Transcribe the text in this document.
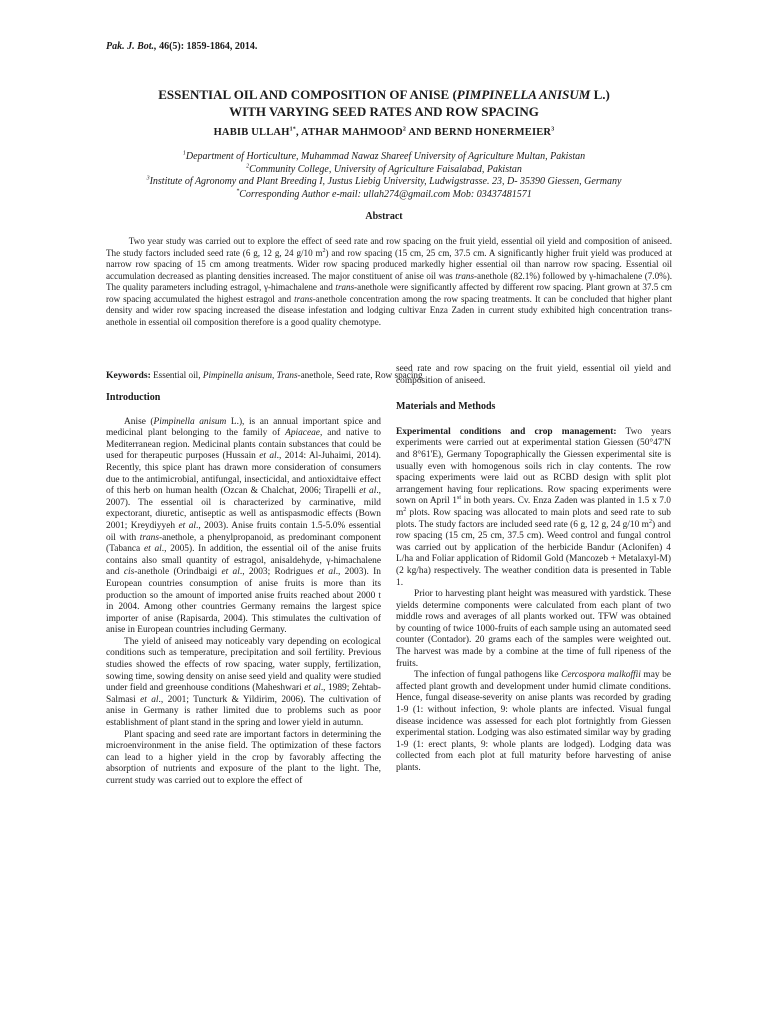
Pak. J. Bot., 46(5): 1859-1864, 2014.
ESSENTIAL OIL AND COMPOSITION OF ANISE (PIMPINELLA ANISUM L.)
WITH VARYING SEED RATES AND ROW SPACING
HABIB $ULLAH^{1*}$, ATHAR MAHMOOD$^2$ AND BERND HONERMEIER$^3$
$^1$Department of Horticulture, Muhammad Nawaz Shareef University of Agriculture Multan, Pakistan
$^2$Community College, University of Agriculture Faisalabad, Pakistan
$^3$Institute of Agronomy and Plant Breeding I, Justus Liebig University, Ludwigstrasse. 23, D- 35390 Giessen, Germany
*Corresponding Author e-mail: ullah274@gmail.com Mob: 03437481571
Abstract
   Two year study was carried out to explore the effect of seed rate and row spacing on the fruit yield, essential oil yield and composition of aniseed. The study factors included seed rate (6 g, 12 g, 24 g/10 $m^2$) and row spacing (15 cm, 25 cm, 37.5 cm. A significantly higher fruit yield was produced at narrow row spacing of 15 cm among treatments. Wider row spacing produced markedly higher essential oil than narrow row spacing. Essential oil accumulation decreased as planting densities increased. The major constituent of anise oil was trans-anethole (82.1%) followed by γ-himachalene (7.0%). The quality parameters including estragol, γ-himachalene and trans-anethole were significantly affected by different row spacing. Plant grown at 37.5 cm row spacing accumulated the highest estragol and trans-anethole concentration among the row spacing treatments. It can be concluded that higher plant density and wider row spacing increased the disease infestation and lodging cultivar Enza Zaden in current study exhibited high concentration trans-anethole in essential oil composition therefore is a good quality chemotype.
Keywords: Essential oil, Pimpinella anisum, Trans-anethole, Seed rate, Row spacing
Introduction

Anise (Pimpinella anisum L.), is an annual important spice and medicinal plant belonging to the family of Apiaceae, and native to Mediterranean region. Medicinal plants contain substances that could be used for therapeutic purposes (Hussain et al., 2014: Al-Juhaimi, 2014). Recently, this spice plant has drawn more consideration of consumers due to the antimicrobial, antifungal, insecticidal, and antioxidtaive effect of this herb on human health (Ozcan & Chalchat, 2006; Tirapelli et al., 2007). The essential oil is characterized by carminative, mild expectorant, diuretic, antiseptic as well as antispasmodic effects (Bown 2001; Kreydiyyeh et al., 2003). Anise fruits contain 1.5-5.0% essential oil with trans-anethole, a phenylpropanoid, as predominant component (Tabanca et al., 2005). In addition, the essential oil of the anise fruits contains also small quantity of estragol, anisaldehyde, γ-himachalene and cis-anethole (Orindbaigi et al., 2003; Rodrigues et al., 2003). In European countries consumption of anise fruits is more than its production so the amount of imported anise fruits reached about 2000 t in 2004. Among other countries Germany remains the largest spice importer of anise (Rapisarda, 2004). This stimulates the cultivation of anise in European countries including Germany.

The yield of aniseed may noticeably vary depending on ecological conditions such as temperature, precipitation and soil fertility. Previous studies showed the effects of row spacing, water supply, fertilization, sowing time, sowing density on anise seed yield and quality were studied under field and greenhouse conditions (Maheshwari et al., 1989; Zehtab-Salmasi et al., 2001; Tuncturk & Yildirim, 2006). The cultivation of anise in Germany is rather limited due to problems such as poor establishment of plant stand in the spring and lower yield in autumn.

Plant spacing and seed rate are important factors in determining the microenvironment in the anise field. The optimization of these factors can lead to a higher yield in the crop by favorably affecting the absorption of nutrients and exposure of the plant to the light. The, current study was carried out to explore the effect of

seed rate and row spacing on the fruit yield, essential oil yield and composition of aniseed.

Materials and Methods

Experimental conditions and crop management: Two years experiments were carried out at experimental station Giessen (50°47'N and 8°61'E), Germany Topographically the Giessen experimental site is usually even with homogenous soils rich in clay contents. The row spacing experiments were laid out as RCBD design with split plot arrangement having four replications. Row spacing experiments were sown on April 1st in both years. Cv. Enza Zaden was planted in 1.5 x 7.0 $m^2$ plots. Row spacing was allocated to main plots and seed rate to sub plots. The study factors are included seed rate (6 g, 12 g, 24 g/10 $m^2$) and row spacing (15 cm, 25 cm, 37.5 cm). Weed control and fungal control was carried out by application of the herbicide Bandur (Aclonifen) 4 L/ha and Foliar application of Ridomil Gold (Mancozeb + Metalaxyl-M) (2 kg/ha) respectively. The weather condition data is presented in Table 1.

Prior to harvesting plant height was measured with yardstick. These yields determine components were calculated from each plant of two middle rows and averages of all plants worked out. TFW was obtained by counting of twice 1000-fruits of each sample using an automated seed counter (Contador). 20 grams each of the samples were weighted out. The harvest was made by a combine at the time of full ripeness of the fruits.

The infection of fungal pathogens like Cercospora malkoffii may be affected plant growth and development under humid climate conditions. Hence, fungal disease-severity on anise plants was recorded by grading 1-9 (1: without infection, 9: whole plants are infected. Visual fungal disease incidence was assessed for each plot fortnightly from Giessen experimental station. Lodging was also estimated similar way by grading 1-9 (1: erect plants, 9: whole plants are lodged). Lodging data was collected from each plot at full maturity before harvesting of anise plants.
